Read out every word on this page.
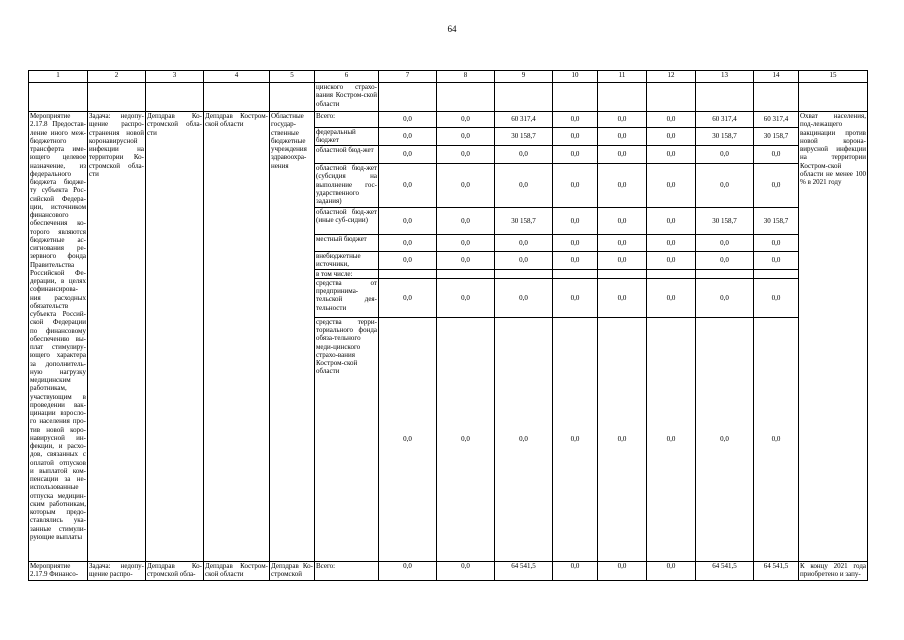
64
1	2	3	4	5	6	7	8	9	10	11	12	13	14	15
					цинского страхо-вания Костром-ской области									
Мероприятие 2.17.8 Предостав-ление иного меж-бюджетного трансферта име-ющего целевое назначение, из федерального бюджета бюдже-ту субъекта Рос-сийской Федера-ции, источником финансового обеспечения ко-торого являются бюджетные ас-сигнования ре-зервного фонда Правительства Российской Фе-дерации, в целях софинансирова-ния расходных обязательств субъекта Россий-ской Федерации по финансовому обеспечению вы-плат стимулиру-ющего характера за дополнитель-ную нагрузку медицинским работникам, участвующим в проведении вак-цинации взросло-го населения про-тив новой коро-навирусной ин-фекции, и расхо-дов, связанных с оплатой отпусков и выплатой ком-пенсации за не-использованные отпуска медицин-ским работникам, которым предо-ставлялись ука-занные стимули-рующие выплаты	Задача: недопу-щение распро-странения новой коронавирусной инфекции на территории Ко-стромской обла-сти	Депздрав Ко-стромской обла-сти	Депздрав Костром-ской области	Областные государ-ственные бюджетные учреждения здравоохра-нения	Всего:	0,0	0,0	60 317,4	0,0	0,0	0,0	60 317,4	60 317,4	Охват населения, под-лежащего вакцинации против новой корона-вирусной инфекции на территории Костром-ской области не менее 100 % в 2021 году
					федеральный бюджет	0,0	0,0	30 158,7	0,0	0,0	0,0	30 158,7	30 158,7	
					областной бюд-жет	0,0	0,0	0,0	0,0	0,0	0,0	0,0	0,0	
					областной бюд-жет (субсидия на выполнение гос-ударственного задания)	0,0	0,0	0,0	0,0	0,0	0,0	0,0	0,0	
					областной бюд-жет (иные суб-сидии)	0,0	0,0	30 158,7	0,0	0,0	0,0	30 158,7	30 158,7	
					местный бюджет	0,0	0,0	0,0	0,0	0,0	0,0	0,0	0,0	
					внебюджетные источники,	0,0	0,0	0,0	0,0	0,0	0,0	0,0	0,0	
					в том числе:									
					средства от предпринима-тельской дея-тельности	0,0	0,0	0,0	0,0	0,0	0,0	0,0	0,0	
					средства терри-ториального фонда обяза-тельного меди-цинского страхо-вания Костром-ской области	0,0	0,0	0,0	0,0	0,0	0,0	0,0	0,0	
Мероприятие 2.17.9 Финансо-	Задача: недопу-щение распро-	Депздрав Ко-стромской обла-	Депздрав Костром-ской области	Депздрав Ко-стромской	Всего:	0,0	0,0	64 541,5	0,0	0,0	0,0	64 541,5	64 541,5	К концу 2021 года приобретено и запу-
